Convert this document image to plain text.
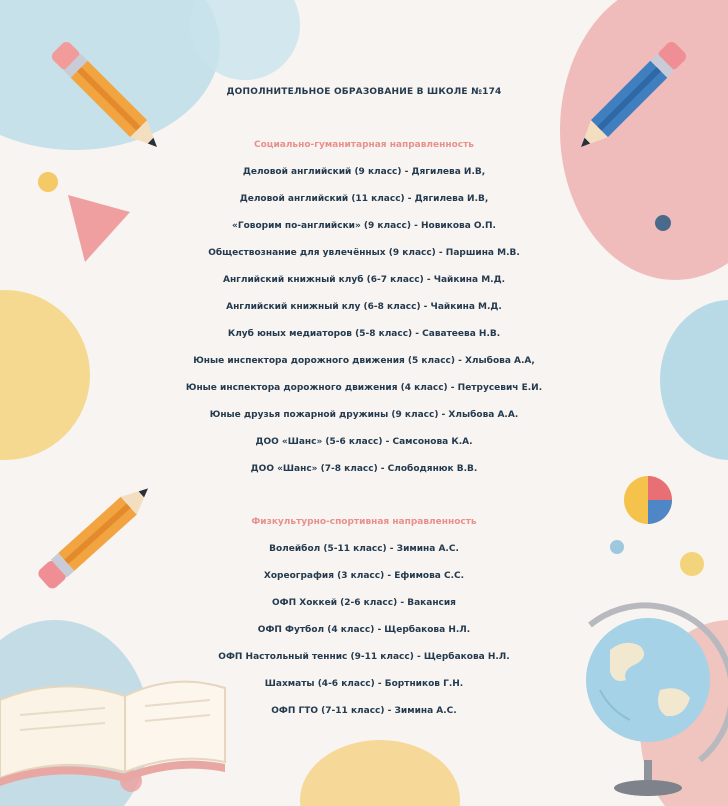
ДОПОЛНИТЕЛЬНОЕ ОБРАЗОВАНИЕ В ШКОЛЕ №174
Социально-гуманитарная направленность
Деловой английский (9 класс) - Дягилева И.В,
Деловой английский (11 класс) - Дягилева И.В,
«Говорим по-английски» (9 класс) - Новикова О.П.
Обществознание для увлечённых (9 класс) - Паршина М.В.
Английский книжный клуб (6-7 класс) - Чайкина М.Д.
Английский книжный клу (6-8 класс) - Чайкина М.Д.
Клуб юных медиаторов (5-8 класс) - Саватеева Н.В.
Юные инспектора дорожного движения (5 класс) - Хлыбова А.А,
Юные инспектора дорожного движения (4 класс) - Петрусевич Е.И.
Юные друзья пожарной дружины (9 класс) - Хлыбова А.А.
ДОО «Шанс» (5-6 класс) - Самсонова К.А.
ДОО «Шанс» (7-8 класс) - Слободянюк В.В.
Физкультурно-спортивная направленность
Волейбол (5-11 класс) - Зимина А.С.
Хореография (3 класс) - Ефимова С.С.
ОФП Хоккей (2-6 класс) - Вакансия
ОФП Футбол (4 класс) - Щербакова Н.Л.
ОФП Настольный теннис (9-11 класс) - Щербакова Н.Л.
Шахматы (4-6 класс) - Бортников Г.Н.
ОФП ГТО (7-11 класс) - Зимина А.С.
